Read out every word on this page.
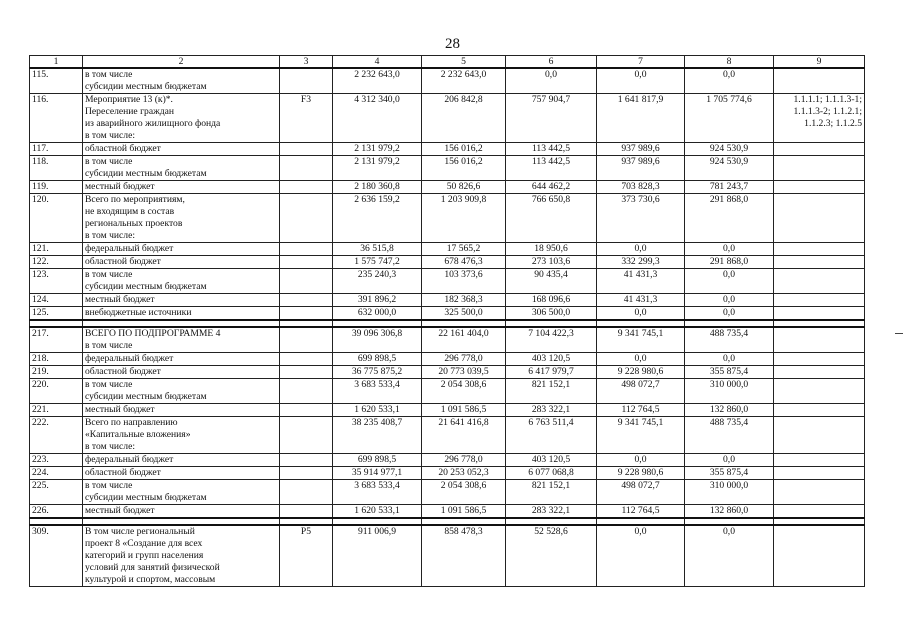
28
1	2	3	4	5	6	7	8	9
115.	в том числе
субсидии местным бюджетам		2 232 643,0	2 232 643,0	0,0	0,0	0,0	
116.	Мероприятие 13 (к)*.
Переселение граждан
из аварийного жилищного фонда
в том числе:	F3	4 312 340,0	206 842,8	757 904,7	1 641 817,9	1 705 774,6	1.1.1.1; 1.1.1.3-1;
1.1.1.3-2; 1.1.2.1;
1.1.2.3; 1.1.2.5

117.	областной бюджет		2 131 979,2	156 016,2	113 442,5	937 989,6	924 530,9	
118.	в том числе
субсидии местным бюджетам		2 131 979,2	156 016,2	113 442,5	937 989,6	924 530,9	
119.	местный бюджет		2 180 360,8	50 826,6	644 462,2	703 828,3	781 243,7	
120.	Всего по мероприятиям,
не входящим в состав
региональных проектов
в том числе:		2 636 159,2	1 203 909,8	766 650,8	373 730,6	291 868,0	
121.	федеральный бюджет		36 515,8	17 565,2	18 950,6	0,0	0,0	
122.	областной бюджет		1 575 747,2	678 476,3	273 103,6	332 299,3	291 868,0	
123.	в том числе
субсидии местным бюджетам		235 240,3	103 373,6	90 435,4	41 431,3	0,0	
124.	местный бюджет		391 896,2	182 368,3	168 096,6	41 431,3	0,0	
125.	внебюджетные источники		632 000,0	325 500,0	306 500,0	0,0	0,0	

217.	ВСЕГО ПО ПОДПРОГРАММЕ 4
в том числе		39 096 306,8	22 161 404,0	7 104 422,3	9 341 745,1	488 735,4	
218.	федеральный бюджет		699 898,5	296 778,0	403 120,5	0,0	0,0	
219.	областной бюджет		36 775 875,2	20 773 039,5	6 417 979,7	9 228 980,6	355 875,4	
220.	в том числе
субсидии местным бюджетам		3 683 533,4	2 054 308,6	821 152,1	498 072,7	310 000,0	
221.	местный бюджет		1 620 533,1	1 091 586,5	283 322,1	112 764,5	132 860,0	
222.	Всего по направлению
«Капитальные вложения»
в том числе:		38 235 408,7	21 641 416,8	6 763 511,4	9 341 745,1	488 735,4	
223.	федеральный бюджет		699 898,5	296 778,0	403 120,5	0,0	0,0	
224.	областной бюджет		35 914 977,1	20 253 052,3	6 077 068,8	9 228 980,6	355 875,4	
225.	в том числе
субсидии местным бюджетам		3 683 533,4	2 054 308,6	821 152,1	498 072,7	310 000,0	
226.	местный бюджет		1 620 533,1	1 091 586,5	283 322,1	112 764,5	132 860,0	

309.	В том числе региональный
проект 8 «Создание для всех
категорий и групп населения
условий для занятий физической
культурой и спортом, массовым	P5	911 006,9	858 478,3	52 528,6	0,0	0,0	
